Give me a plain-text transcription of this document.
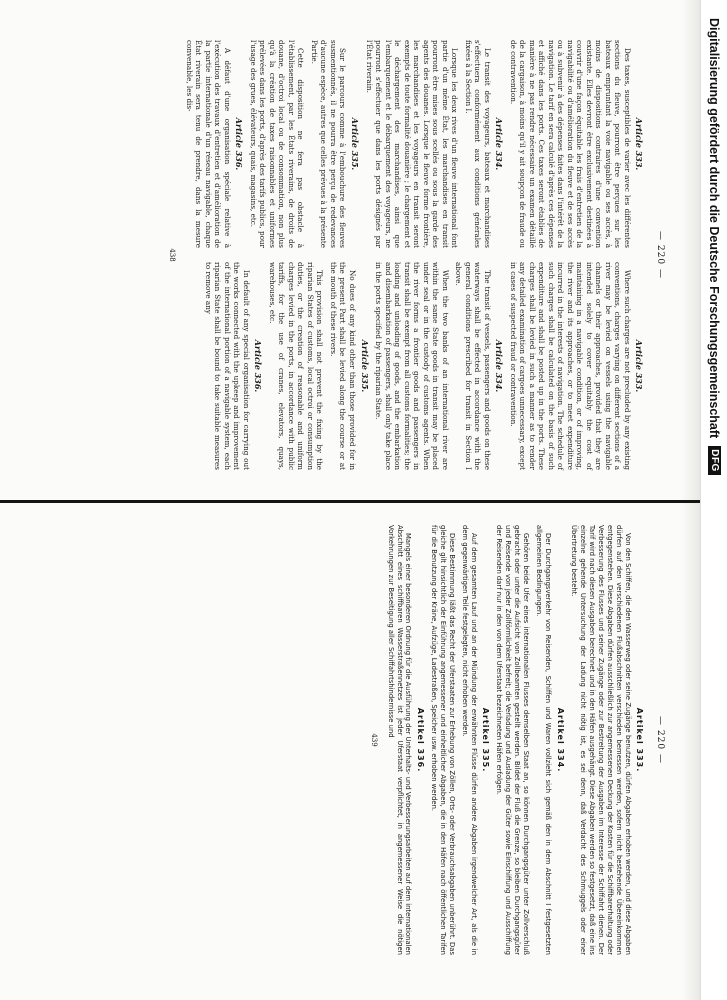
— 220 —
Article 333.
Des taxes, susceptibles de varier avec les différentes sections du fleuve, pourront être perçues sur les bateaux empruntant la voie navigable ou ses accès, à moins de dispositions contraires d'une convention existante. Elles devront être exclusivement destinées à couvrir d'une façon équitable les frais d'entretien de la navigabilité ou d'amélioration du fleuve et de ses accès ou à subvenir à des dépenses faites dans l'intérêt de la navigation. Le tarif en sera calculé d'après ces dépenses et affiché dans les ports. Ces taxes seront établies de manière à ne pas rendre nécessaire un examen détaillé de la cargaison, à moins qu'il y ait soupçon de fraude ou de contravention.
Article 334.
Le transit des voyageurs, bateaux et marchandises s'effectuera conformément aux conditions générales fixées à la Section I.
Lorsque les deux rives d'un fleuve international font partie d'un même État, les marchandises en transit pourront être mises sous scellés ou sous la garde des agents des douanes. Lorsque le fleuve forme frontière, les marchandises et les voyageurs en transit seront exempts de toute formalité douanière ; le chargement et le déchargement des marchandises, ainsi que l'embarquement et le débarquement des voyageurs, ne pourront s'effectuer que dans les ports désignés par l'État riverain.
Article 335.
Sur le parcours comme à l'embouchure des fleuves susmentionnés, il ne pourra être perçu de redevances d'aucune espèce, autres que celles prévues à la présente Partie.
Cette disposition ne fera pas obstacle à l'établissement, par les États riverains, de droits de douane, d'octroi local ou de consommation, non plus qu'à la création de taxes raisonnables et uniformes prélevées dans les ports, d'après des tarifs publics, pour l'usage des grues, élévateurs, quais, magasins, etc.
Article 336.
A défaut d'une organisation spéciale relative à l'exécution des travaux d'entretien et d'amélioration de la partie internationale d'un réseau navigable, chaque État riverain sera tenu de prendre, dans la mesure convenable, les dis-
Article 333.
Where such charges are not precluded by any existing conventions, charges varying on different sections of a river may be levied on vessels using the navigable channels or their approaches, provided that they are intended solely to cover equitably the cost of maintaining in a navigable condition, or of improving, the river and its approaches, or to meet expenditure incurred in the interests of navigation. The schedule of such charges shall be calculated on the basis of such expenditure and shall be posted up in the ports. These charges shall be levied in such a manner as to render any detailed examination of cargoes unnecessary, except in cases of suspected fraud or contravention.
Article 334.
The transit of vessels, passengers and goods on these waterways shall be effected in accordance with the general conditions prescribed for transit in Section I above.
When the two banks of an international river are within the same State goods in transit may be placed under seal or in the custody of customs agents. When the river forms a frontier goods and passengers in transit shall be exempt from all customs formalities; the loading and unloading of goods, and the embarkation and disembarkation of passengers, shall only take place in the ports specified by the riparian State.
Article 335.
No dues of any kind other than those provided for in the present Part shall be levied along the course or at the mouth of these rivers.
This provision shall not prevent the fixing by the riparian States of customs, local octroi or consumption duties, or the creation of reasonable and uniform charges levied in the ports, in accordance with public tariffs, for the use of cranes, elevators, quays, warehouses, etc.
Article 336.
In default of any special organisation for carrying out the works connected with the upkeep and improvement of the international portion of a navigable system, each riparian State shall be bound to take suitable measures to remove any
438
— 220 —
Artikel 333.
Von den Schiffen, die den Wasserweg oder seine Zugänge benutzen, dürfen Abgaben erhoben werden, und diese Abgaben dürfen auf den verschiedenen Flußabschnitten verschieden bemessen werden, sofern nicht bestehende Übereinkommen entgegenstehen. Diese Abgaben dürfen ausschließlich zur angemessenen Deckung der Kosten für die Schiffbarerhaltung oder Verbesserung des Flusses und seiner Zugänge oder zur Bestreitung der Ausgaben im Interesse der Schiffahrt dienen. Der Tarif wird nach diesen Ausgaben berechnet und in den Häfen ausgehängt. Diese Abgaben werden so festgesetzt, daß eine ins einzelne gehende Untersuchung der Ladung nicht nötig ist, es sei denn, daß Verdacht des Schmuggels oder einer Übertretung besteht.
Artikel 334.
Der Durchgangsverkehr von Reisenden, Schiffen und Waren vollzieht sich gemäß den in dem Abschnitt I festgesetzten allgemeinen Bedingungen.
Gehören beide Ufer eines internationalen Flusses demselben Staat an, so können Durchgangsgüter unter Zollverschluß gebracht oder unter die Aufsicht von Zollbeamten gestellt werden. Bildet der Fluß die Grenze, so bleiben Durchgangsgüter und Reisende von jeder Zollförmlichkeit befreit; die Verladung und Ausladung der Güter sowie Einschiffung und Ausschiffung der Reisenden darf nur in den von dem Uferstaat bezeichneten Häfen erfolgen.
Artikel 335.
Auf dem gesamten Lauf und an der Mündung der erwähnten Flüsse dürfen andere Abgaben irgendwelcher Art, als die in dem gegenwärtigen Teile festgelegten, nicht erhoben werden.
Diese Bestimmung läßt das Recht der Uferstaaten zur Erhebung von Zöllen, Orts- oder Verbrauchsabgaben unberührt. Das gleiche gilt hinsichtlich der Einführung angemessener und einheitlicher Abgaben, die in den Häfen nach öffentlichen Tarifen für die Benutzung der Kräne, Aufzüge, Ladestraßen, Speicher usw. erhoben werden.
Artikel 336.
Mangels einer besonderen Ordnung für die Ausführung der Unterhalts- und Verbesserungsarbeiten auf dem internationalen Abschnitt eines schiffbaren Wasserstraßennetzes ist jeder Uferstaat verpflichtet, in angemessener Weise die nötigen Vorkehrungen zur Beseitigung aller Schiffahrtshindernisse und
439
Digitalisierung gefördert durch die Deutsche Forschungsgemeinschaft
DFG
